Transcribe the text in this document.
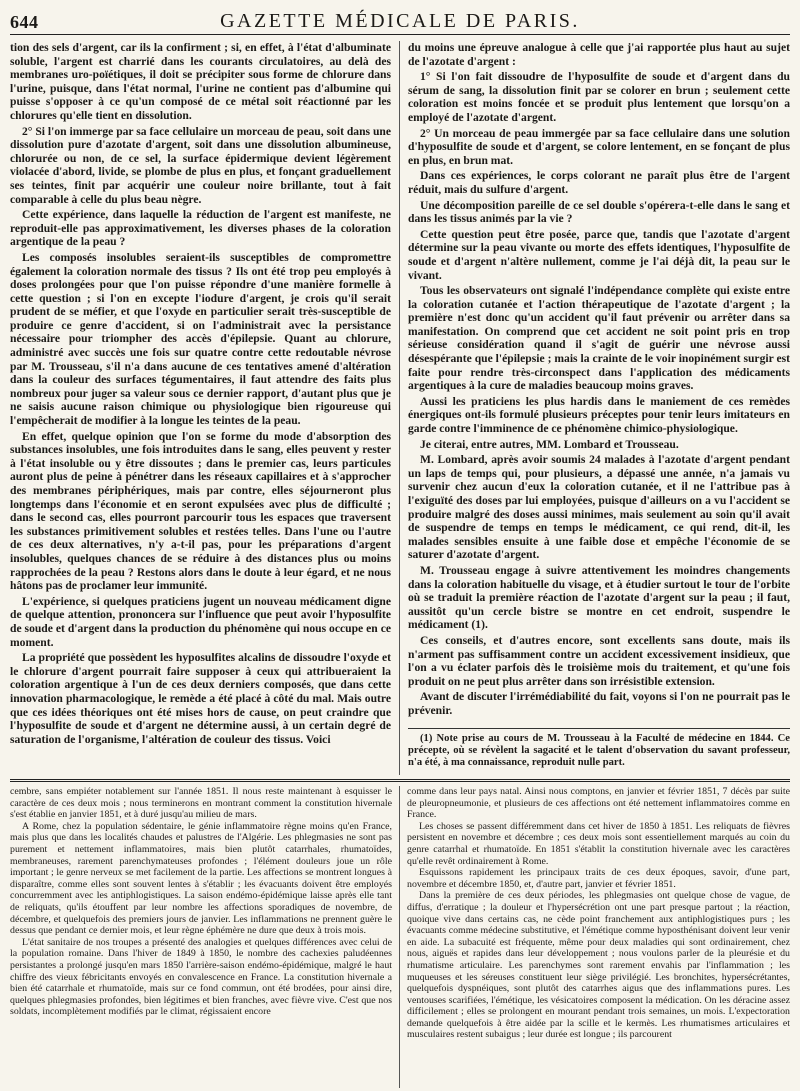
644	GAZETTE MÉDICALE DE PARIS.

tion des sels d'argent, car ils la confirment ; si, en effet, à l'état d'albuminate soluble, l'argent est charrié dans les courants circulatoires, au delà des membranes uro-poïétiques, il doit se précipiter sous forme de chlorure dans l'urine, puisque, dans l'état normal, l'urine ne contient pas d'albumine qui puisse s'opposer à ce qu'un composé de ce métal soit réactionné par les chlorures qu'elle tient en dissolution.

2° Si l'on immerge par sa face cellulaire un morceau de peau, soit dans une dissolution pure d'azotate d'argent, soit dans une dissolution albumineuse, chlorurée ou non, de ce sel, la surface épidermique devient légèrement violacée d'abord, livide, se plombe de plus en plus, et fonçant graduellement ses teintes, finit par acquérir une couleur noire brillante, tout à fait comparable à celle du plus beau nègre.

Cette expérience, dans laquelle la réduction de l'argent est manifeste, ne reproduit-elle pas approximativement, les diverses phases de la coloration argentique de la peau ?

Les composés insolubles seraient-ils susceptibles de compromettre également la coloration normale des tissus ? Ils ont été trop peu employés à doses prolongées pour que l'on puisse répondre d'une manière formelle à cette question ; si l'on en excepte l'iodure d'argent, je crois qu'il serait prudent de se méfier, et que l'oxyde en particulier serait très-susceptible de produire ce genre d'accident, si on l'administrait avec la persistance nécessaire pour triompher des accès d'épilepsie. Quant au chlorure, administré avec succès une fois sur quatre contre cette redoutable névrose par M. Trousseau, s'il n'a dans aucune de ces tentatives amené d'altération dans la couleur des surfaces tégumentaires, il faut attendre des faits plus nombreux pour juger sa valeur sous ce dernier rapport, d'autant plus que je ne saisis aucune raison chimique ou physiologique bien rigoureuse qui l'empêcherait de modifier à la longue les teintes de la peau.

En effet, quelque opinion que l'on se forme du mode d'absorption des substances insolubles, une fois introduites dans le sang, elles peuvent y rester à l'état insoluble ou y être dissoutes ; dans le premier cas, leurs particules auront plus de peine à pénétrer dans les réseaux capillaires et à s'approcher des membranes périphériques, mais par contre, elles séjourneront plus longtemps dans l'économie et en seront expulsées avec plus de difficulté ; dans le second cas, elles pourront parcourir tous les espaces que traversent les substances primitivement solubles et restées telles. Dans l'une ou l'autre de ces deux alternatives, n'y a-t-il pas, pour les préparations d'argent insolubles, quelques chances de se réduire à des distances plus ou moins rapprochées de la peau ? Restons alors dans le doute à leur égard, et ne nous hâtons pas de proclamer leur immunité.

L'expérience, si quelques praticiens jugent un nouveau médicament digne de quelque attention, prononcera sur l'influence que peut avoir l'hyposulfite de soude et d'argent dans la production du phénomène qui nous occupe en ce moment.

La propriété que possèdent les hyposulfites alcalins de dissoudre l'oxyde et le chlorure d'argent pourrait faire supposer à ceux qui attribueraient la coloration argentique à l'un de ces deux derniers composés, que dans cette innovation pharmacologique, le remède a été placé à côté du mal. Mais outre que ces idées théoriques ont été mises hors de cause, on peut craindre que l'hyposulfite de soude et d'argent ne détermine aussi, à un certain degré de saturation de l'organisme, l'altération de couleur des tissus. Voici

du moins une épreuve analogue à celle que j'ai rapportée plus haut au sujet de l'azotate d'argent :

1° Si l'on fait dissoudre de l'hyposulfite de soude et d'argent dans du sérum de sang, la dissolution finit par se colorer en brun ; seulement cette coloration est moins foncée et se produit plus lentement que lorsqu'on a employé de l'azotate d'argent.

2° Un morceau de peau immergée par sa face cellulaire dans une solution d'hyposulfite de soude et d'argent, se colore lentement, en se fonçant de plus en plus, en brun mat.

Dans ces expériences, le corps colorant ne paraît plus être de l'argent réduit, mais du sulfure d'argent.

Une décomposition pareille de ce sel double s'opérera-t-elle dans le sang et dans les tissus animés par la vie ?

Cette question peut être posée, parce que, tandis que l'azotate d'argent détermine sur la peau vivante ou morte des effets identiques, l'hyposulfite de soude et d'argent n'altère nullement, comme je l'ai déjà dit, la peau sur le vivant.

Tous les observateurs ont signalé l'indépendance complète qui existe entre la coloration cutanée et l'action thérapeutique de l'azotate d'argent ; la première n'est donc qu'un accident qu'il faut prévenir ou arrêter dans sa manifestation. On comprend que cet accident ne soit point pris en trop sérieuse considération quand il s'agit de guérir une névrose aussi désespérante que l'épilepsie ; mais la crainte de le voir inopinément surgir est faite pour rendre très-circonspect dans l'application des médicaments argentiques à la cure de maladies beaucoup moins graves.

Aussi les praticiens les plus hardis dans le maniement de ces remèdes énergiques ont-ils formulé plusieurs préceptes pour tenir leurs imitateurs en garde contre l'imminence de ce phénomène chimico-physiologique.

Je citerai, entre autres, MM. Lombard et Trousseau.

M. Lombard, après avoir soumis 24 malades à l'azotate d'argent pendant un laps de temps qui, pour plusieurs, a dépassé une année, n'a jamais vu survenir chez aucun d'eux la coloration cutanée, et il ne l'attribue pas à l'exiguïté des doses par lui employées, puisque d'ailleurs on a vu l'accident se produire malgré des doses aussi minimes, mais seulement au soin qu'il avait de suspendre de temps en temps le médicament, ce qui rend, dit-il, les malades sensibles ensuite à une faible dose et empêche l'économie de se saturer d'azotate d'argent.

M. Trousseau engage à suivre attentivement les moindres changements dans la coloration habituelle du visage, et à étudier surtout le tour de l'orbite où se traduit la première réaction de l'azotate d'argent sur la peau ; il faut, aussitôt qu'un cercle bistre se montre en cet endroit, suspendre le médicament (1).

Ces conseils, et d'autres encore, sont excellents sans doute, mais ils n'arment pas suffisamment contre un accident excessivement insidieux, que l'on a vu éclater parfois dès le troisième mois du traitement, et qu'une fois produit on ne peut plus arrêter dans son irrésistible extension.

Avant de discuter l'irrémédiabilité du fait, voyons si l'on ne pourrait pas le prévenir.

(1) Note prise au cours de M. Trousseau à la Faculté de médecine en 1844. Ce précepte, où se révèlent la sagacité et le talent d'observation du savant professeur, n'a été, à ma connaissance, reproduit nulle part.

cembre, sans empiéter notablement sur l'année 1851. Il nous reste maintenant à esquisser le caractère de ces deux mois ; nous terminerons en montrant comment la constitution hivernale s'est établie en janvier 1851, et à duré jusqu'au milieu de mars.

A Rome, chez la population sédentaire, le génie inflammatoire règne moins qu'en France, mais plus que dans les localités chaudes et palustres de l'Algérie. Les phlegmasies ne sont pas purement et nettement inflammatoires, mais bien plutôt catarrhales, rhumatoïdes, membraneuses, rarement parenchymateuses profondes ; l'élément douleurs joue un rôle important ; le genre nerveux se met facilement de la partie. Les affections se montrent longues à disparaître, comme elles sont souvent lentes à s'établir ; les évacuants doivent être employés concurremment avec les antiphlogistiques. La saison endémo-épidémique laisse après elle tant de reliquats, qu'ils étouffent par leur nombre les affections sporadiques de novembre, de décembre, et quelquefois des premiers jours de janvier. Les inflammations ne prennent guère le dessus que pendant ce dernier mois, et leur règne éphémère ne dure que deux à trois mois.

L'état sanitaire de nos troupes a présenté des analogies et quelques différences avec celui de la population romaine. Dans l'hiver de 1849 à 1850, le nombre des cachexies paludéennes persistantes a prolongé jusqu'en mars 1850 l'arrière-saison endémo-épidémique, malgré le haut chiffre des vieux fébricitants envoyés en convalescence en France. La constitution hivernale a bien été catarrhale et rhumatoïde, mais sur ce fond commun, ont été brodées, pour ainsi dire, quelques phlegmasies profondes, bien légitimes et bien franches, avec fièvre vive. C'est que nos soldats, incomplètement modifiés par le climat, régissaient encore

comme dans leur pays natal. Ainsi nous comptons, en janvier et février 1851, 7 décès par suite de pleuropneumonie, et plusieurs de ces affections ont été nettement inflammatoires comme en France.

Les choses se passent différemment dans cet hiver de 1850 à 1851. Les reliquats de fièvres persistent en novembre et décembre ; ces deux mois sont essentiellement marqués au coin du genre catarrhal et rhumatoïde. En 1851 s'établit la constitution hivernale avec les caractères qu'elle revêt ordinairement à Rome.

Esquissons rapidement les principaux traits de ces deux époques, savoir, d'une part, novembre et décembre 1850, et, d'autre part, janvier et février 1851.

Dans la première de ces deux périodes, les phlegmasies ont quelque chose de vague, de diffus, d'erratique ; la douleur et l'hypersécrétion ont une part presque partout ; la réaction, quoique vive dans certains cas, ne cède point franchement aux antiphlogistiques purs ; les évacuants comme médecine substitutive, et l'émétique comme hyposthénisant doivent leur venir en aide. La subacuité est fréquente, même pour deux maladies qui sont ordinairement, chez nous, aiguës et rapides dans leur développement ; nous voulons parler de la pleurésie et du rhumatisme articulaire. Les parenchymes sont rarement envahis par l'inflammation ; les muqueuses et les séreuses constituent leur siège privilégié. Les bronchites, hypersécrétantes, quelquefois dyspnéiques, sont plutôt des catarrhes aigus que des inflammations pures. Les ventouses scarifiées, l'émétique, les vésicatoires composent la médication. On les déracine assez difficilement ; elles se prolongent en mourant pendant trois semaines, un mois. L'expectoration demande quelquefois à être aidée par la scille et le kermès. Les rhumatismes articulaires et musculaires restent subaigus ; leur durée est longue ; ils parcourent
